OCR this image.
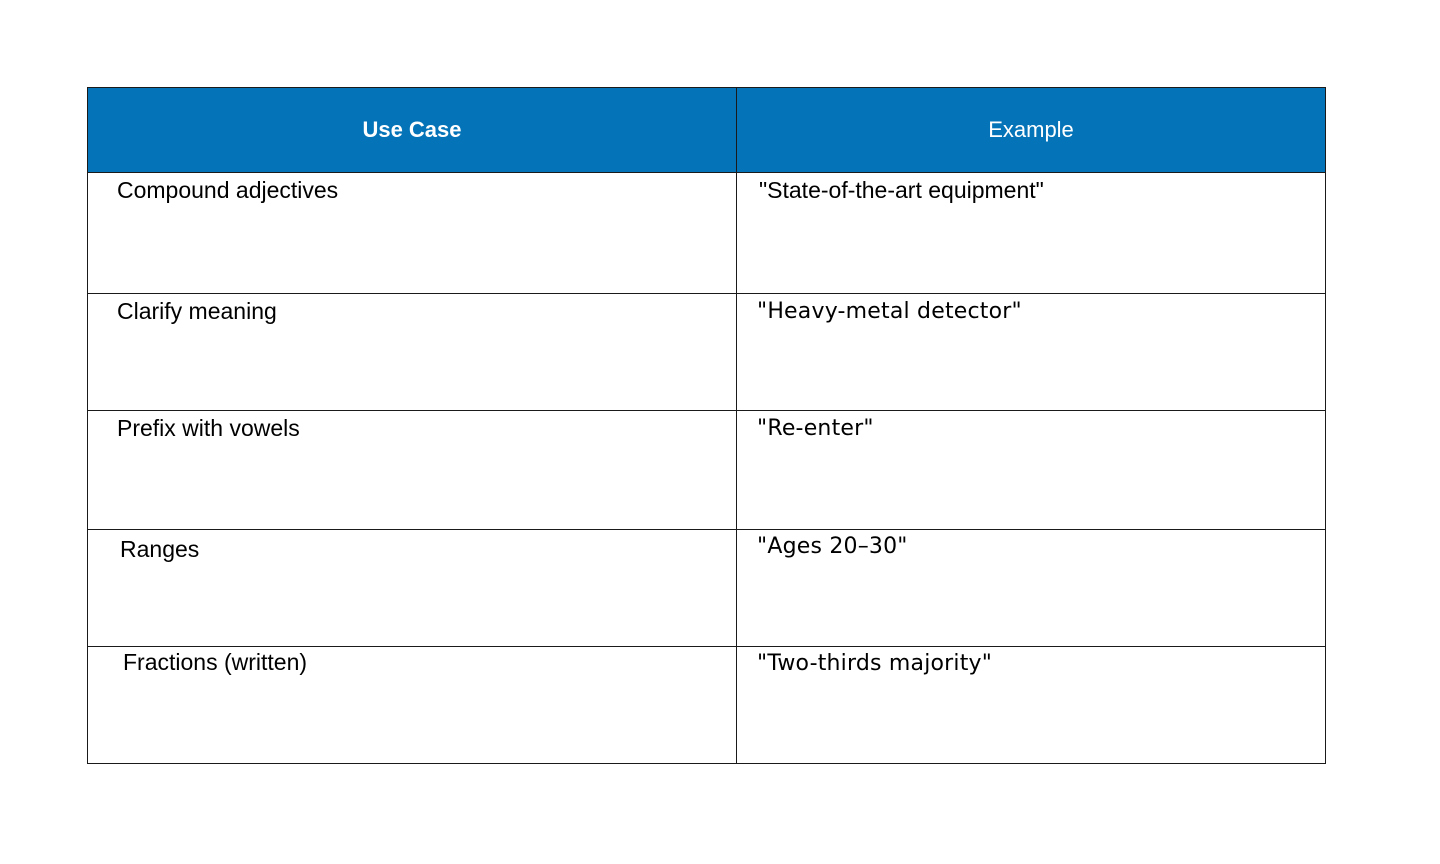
Use Case	Example

Compound adjectives	"State-of-the-art equipment"

Clarify meaning	"Heavy-metal detector"

Prefix with vowels	"Re-enter"

Ranges	"Ages 20–30"

Fractions (written)	"Two-thirds majority"
